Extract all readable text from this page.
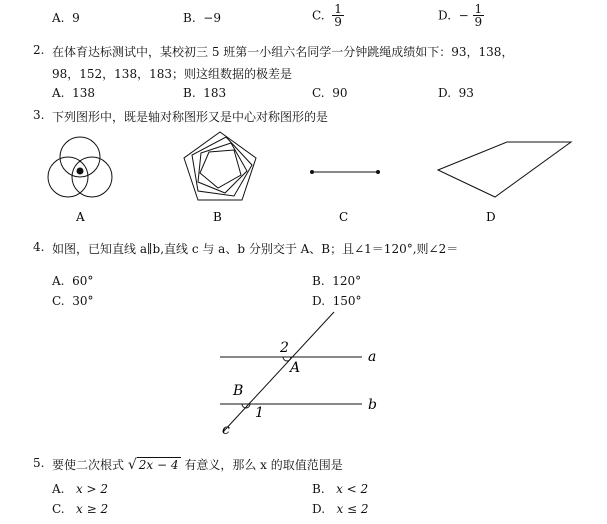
A. 9	B. −9	C. $\frac{1}{9}$	D. − $\frac{1}{9}$
2. 在体育达标测试中，某校初三 5 班第一小组六名同学一分钟跳绳成绩如下：93，138，
98，152，138，183；则这组数据的极差是
A. 138	B. 183	C. 90	D. 93
3. 下列图形中，既是轴对称图形又是中心对称图形的是
A	B	C	D
4. 如图，已知直线 a∥b,直线 c 与 a、b 分别交于 A、B；且∠1＝120°,则∠2＝
A. 60°	B. 120°
C. 30°	D. 150°
2
A
a
B
1	b
c
5. 要使二次根式 √ 2x − 4 有意义，那么 x 的取值范围是
A. x > 2	B. x < 2
C. x ≥ 2	D. x ≤ 2
